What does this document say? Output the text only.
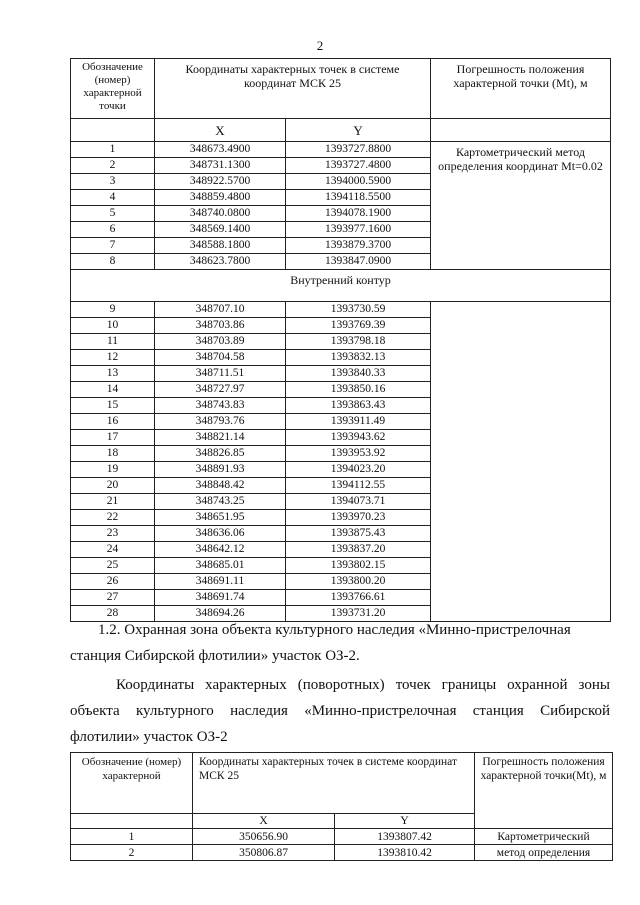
2
Обозначение (номер) характерной точки	Координаты характерных точек в системе координат МСК 25		Погрешность положения характерной точки (Mt), м
	X	Y	
1	348673.4900	1393727.8800	Картометрический метод определения координат Mt=0.02
2	348731.1300	1393727.4800	
3	348922.5700	1394000.5900	
4	348859.4800	1394118.5500	
5	348740.0800	1394078.1900	
6	348569.1400	1393977.1600	
7	348588.1800	1393879.3700	
8	348623.7800	1393847.0900	
Внутренний контур			
9	348707.10	1393730.59	
10	348703.86	1393769.39	
11	348703.89	1393798.18	
12	348704.58	1393832.13	
13	348711.51	1393840.33	
14	348727.97	1393850.16	
15	348743.83	1393863.43	
16	348793.76	1393911.49	
17	348821.14	1393943.62	
18	348826.85	1393953.92	
19	348891.93	1394023.20	
20	348848.42	1394112.55	
21	348743.25	1394073.71	
22	348651.95	1393970.23	
23	348636.06	1393875.43	
24	348642.12	1393837.20	
25	348685.01	1393802.15	
26	348691.11	1393800.20	
27	348691.74	1393766.61	
28	348694.26	1393731.20	
1.2. Охранная зона объекта культурного наследия «Минно-пристрелочная
станция Сибирской флотилии» участок ОЗ-2.
Координаты характерных (поворотных) точек границы охранной зоны объекта культурного наследия «Минно-пристрелочная станция Сибирской флотилии» участок ОЗ-2
Обозначение (номер) характерной	Координаты характерных точек в системе координат МСК 25		Погрешность положения характерной точки(Mt), м
	X	Y	
1	350656.90	1393807.42	Картометрический
2	350806.87	1393810.42	метод определения
